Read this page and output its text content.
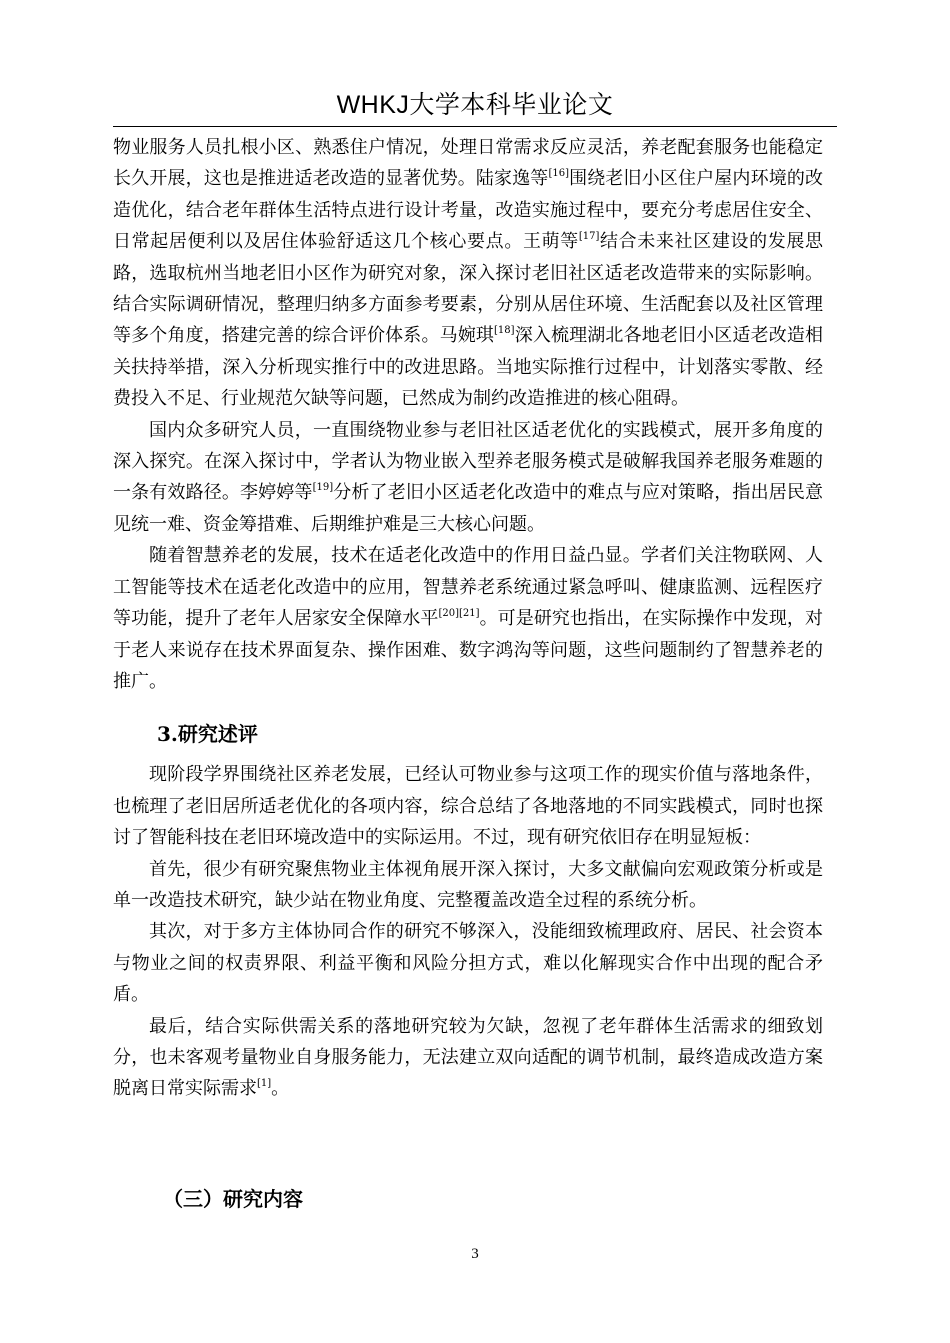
WHKJ大学本科毕业论文

物业服务人员扎根小区、熟悉住户情况，处理日常需求反应灵活，养老配套服务也能稳定长久开展，这也是推进适老改造的显著优势。陆家逸等[16]围绕老旧小区住户屋内环境的改造优化，结合老年群体生活特点进行设计考量，改造实施过程中，要充分考虑居住安全、日常起居便利以及居住体验舒适这几个核心要点。王萌等[17]结合未来社区建设的发展思路，选取杭州当地老旧小区作为研究对象，深入探讨老旧社区适老改造带来的实际影响。结合实际调研情况，整理归纳多方面参考要素，分别从居住环境、生活配套以及社区管理等多个角度，搭建完善的综合评价体系。马婉琪[18]深入梳理湖北各地老旧小区适老改造相关扶持举措，深入分析现实推行中的改进思路。当地实际推行过程中，计划落实零散、经费投入不足、行业规范欠缺等问题，已然成为制约改造推进的核心阻碍。

国内众多研究人员，一直围绕物业参与老旧社区适老优化的实践模式，展开多角度的深入探究。在深入探讨中，学者认为物业嵌入型养老服务模式是破解我国养老服务难题的一条有效路径。李婷婷等[19]分析了老旧小区适老化改造中的难点与应对策略，指出居民意见统一难、资金筹措难、后期维护难是三大核心问题。

随着智慧养老的发展，技术在适老化改造中的作用日益凸显。学者们关注物联网、人工智能等技术在适老化改造中的应用，智慧养老系统通过紧急呼叫、健康监测、远程医疗等功能，提升了老年人居家安全保障水平[20][21]。可是研究也指出，在实际操作中发现，对于老人来说存在技术界面复杂、操作困难、数字鸿沟等问题，这些问题制约了智慧养老的推广。

3.研究述评

现阶段学界围绕社区养老发展，已经认可物业参与这项工作的现实价值与落地条件，也梳理了老旧居所适老优化的各项内容，综合总结了各地落地的不同实践模式，同时也探讨了智能科技在老旧环境改造中的实际运用。不过，现有研究依旧存在明显短板：

首先，很少有研究聚焦物业主体视角展开深入探讨，大多文献偏向宏观政策分析或是单一改造技术研究，缺少站在物业角度、完整覆盖改造全过程的系统分析。

其次，对于多方主体协同合作的研究不够深入，没能细致梳理政府、居民、社会资本与物业之间的权责界限、利益平衡和风险分担方式，难以化解现实合作中出现的配合矛盾。

最后，结合实际供需关系的落地研究较为欠缺，忽视了老年群体生活需求的细致划分，也未客观考量物业自身服务能力，无法建立双向适配的调节机制，最终造成改造方案脱离日常实际需求[1]。

（三）研究内容
3
